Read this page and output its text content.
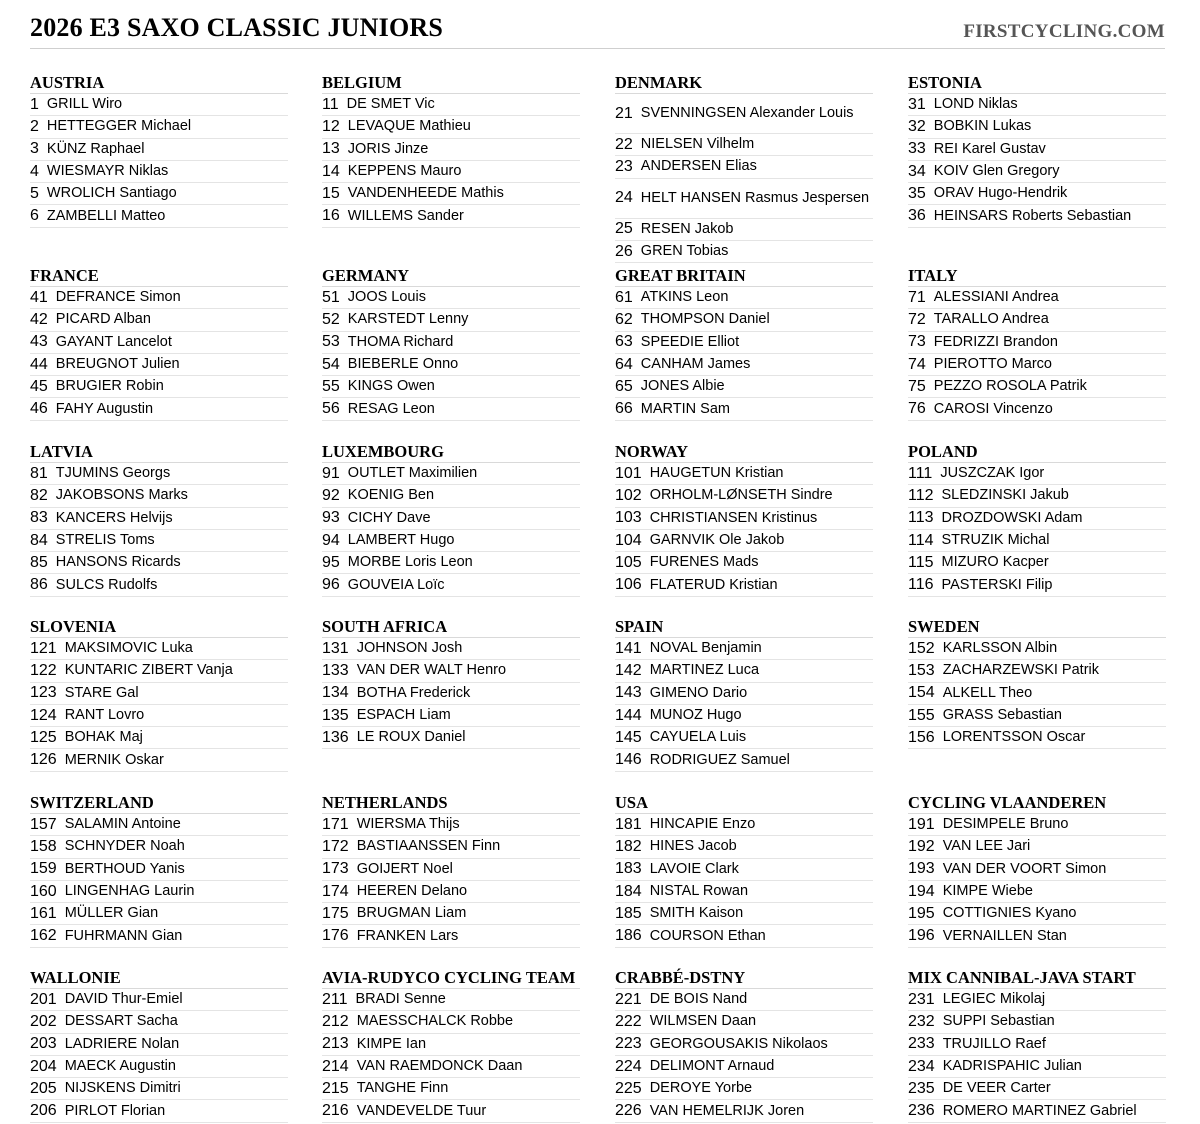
2026 E3 SAXO CLASSIC JUNIORS	FIRSTCYCLING.COM
AUSTRIA
1 GRILL Wiro
2 HETTEGGER Michael
3 KÜNZ Raphael
4 WIESMAYR Niklas
5 WROLICH Santiago
6 ZAMBELLI Matteo
BELGIUM
11 DE SMET Vic
12 LEVAQUE Mathieu
13 JORIS Jinze
14 KEPPENS Mauro
15 VANDENHEEDE Mathis
16 WILLEMS Sander
DENMARK
21 SVENNINGSEN Alexander Louis
22 NIELSEN Vilhelm
23 ANDERSEN Elias
24 HELT HANSEN Rasmus Jespersen
25 RESEN Jakob
26 GREN Tobias
ESTONIA
31 LOND Niklas
32 BOBKIN Lukas
33 REI Karel Gustav
34 KOIV Glen Gregory
35 ORAV Hugo-Hendrik
36 HEINSARS Roberts Sebastian
FRANCE
41 DEFRANCE Simon
42 PICARD Alban
43 GAYANT Lancelot
44 BREUGNOT Julien
45 BRUGIER Robin
46 FAHY Augustin
GERMANY
51 JOOS Louis
52 KARSTEDT Lenny
53 THOMA Richard
54 BIEBERLE Onno
55 KINGS Owen
56 RESAG Leon
GREAT BRITAIN
61 ATKINS Leon
62 THOMPSON Daniel
63 SPEEDIE Elliot
64 CANHAM James
65 JONES Albie
66 MARTIN Sam
ITALY
71 ALESSIANI Andrea
72 TARALLO Andrea
73 FEDRIZZI Brandon
74 PIEROTTO Marco
75 PEZZO ROSOLA Patrik
76 CAROSI Vincenzo
LATVIA
81 TJUMINS Georgs
82 JAKOBSONS Marks
83 KANCERS Helvijs
84 STRELIS Toms
85 HANSONS Ricards
86 SULCS Rudolfs
LUXEMBOURG
91 OUTLET Maximilien
92 KOENIG Ben
93 CICHY Dave
94 LAMBERT Hugo
95 MORBE Loris Leon
96 GOUVEIA Loïc
NORWAY
101 HAUGETUN Kristian
102 ORHOLM-LØNSETH Sindre
103 CHRISTIANSEN Kristinus
104 GARNVIK Ole Jakob
105 FURENES Mads
106 FLATERUD Kristian
POLAND
111 JUSZCZAK Igor
112 SLEDZINSKI Jakub
113 DROZDOWSKI Adam
114 STRUZIK Michal
115 MIZURO Kacper
116 PASTERSKI Filip
SLOVENIA
121 MAKSIMOVIC Luka
122 KUNTARIC ZIBERT Vanja
123 STARE Gal
124 RANT Lovro
125 BOHAK Maj
126 MERNIK Oskar
SOUTH AFRICA
131 JOHNSON Josh
133 VAN DER WALT Henro
134 BOTHA Frederick
135 ESPACH Liam
136 LE ROUX Daniel
SPAIN
141 NOVAL Benjamin
142 MARTINEZ Luca
143 GIMENO Dario
144 MUNOZ Hugo
145 CAYUELA Luis
146 RODRIGUEZ Samuel
SWEDEN
152 KARLSSON Albin
153 ZACHARZEWSKI Patrik
154 ALKELL Theo
155 GRASS Sebastian
156 LORENTSSON Oscar
SWITZERLAND
157 SALAMIN Antoine
158 SCHNYDER Noah
159 BERTHOUD Yanis
160 LINGENHAG Laurin
161 MÜLLER Gian
162 FUHRMANN Gian
NETHERLANDS
171 WIERSMA Thijs
172 BASTIAANSSEN Finn
173 GOIJERT Noel
174 HEEREN Delano
175 BRUGMAN Liam
176 FRANKEN Lars
USA
181 HINCAPIE Enzo
182 HINES Jacob
183 LAVOIE Clark
184 NISTAL Rowan
185 SMITH Kaison
186 COURSON Ethan
CYCLING VLAANDEREN
191 DESIMPELE Bruno
192 VAN LEE Jari
193 VAN DER VOORT Simon
194 KIMPE Wiebe
195 COTTIGNIES Kyano
196 VERNAILLEN Stan
WALLONIE
201 DAVID Thur-Emiel
202 DESSART Sacha
203 LADRIERE Nolan
204 MAECK Augustin
205 NIJSKENS Dimitri
206 PIRLOT Florian
AVIA-RUDYCO CYCLING TEAM
211 BRADI Senne
212 MAESSCHALCK Robbe
213 KIMPE Ian
214 VAN RAEMDONCK Daan
215 TANGHE Finn
216 VANDEVELDE Tuur
CRABBÉ-DSTNY
221 DE BOIS Nand
222 WILMSEN Daan
223 GEORGOUSAKIS Nikolaos
224 DELIMONT Arnaud
225 DEROYE Yorbe
226 VAN HEMELRIJK Joren
MIX CANNIBAL-JAVA START
231 LEGIEC Mikolaj
232 SUPPI Sebastian
233 TRUJILLO Raef
234 KADRISPAHIC Julian
235 DE VEER Carter
236 ROMERO MARTINEZ Gabriel
